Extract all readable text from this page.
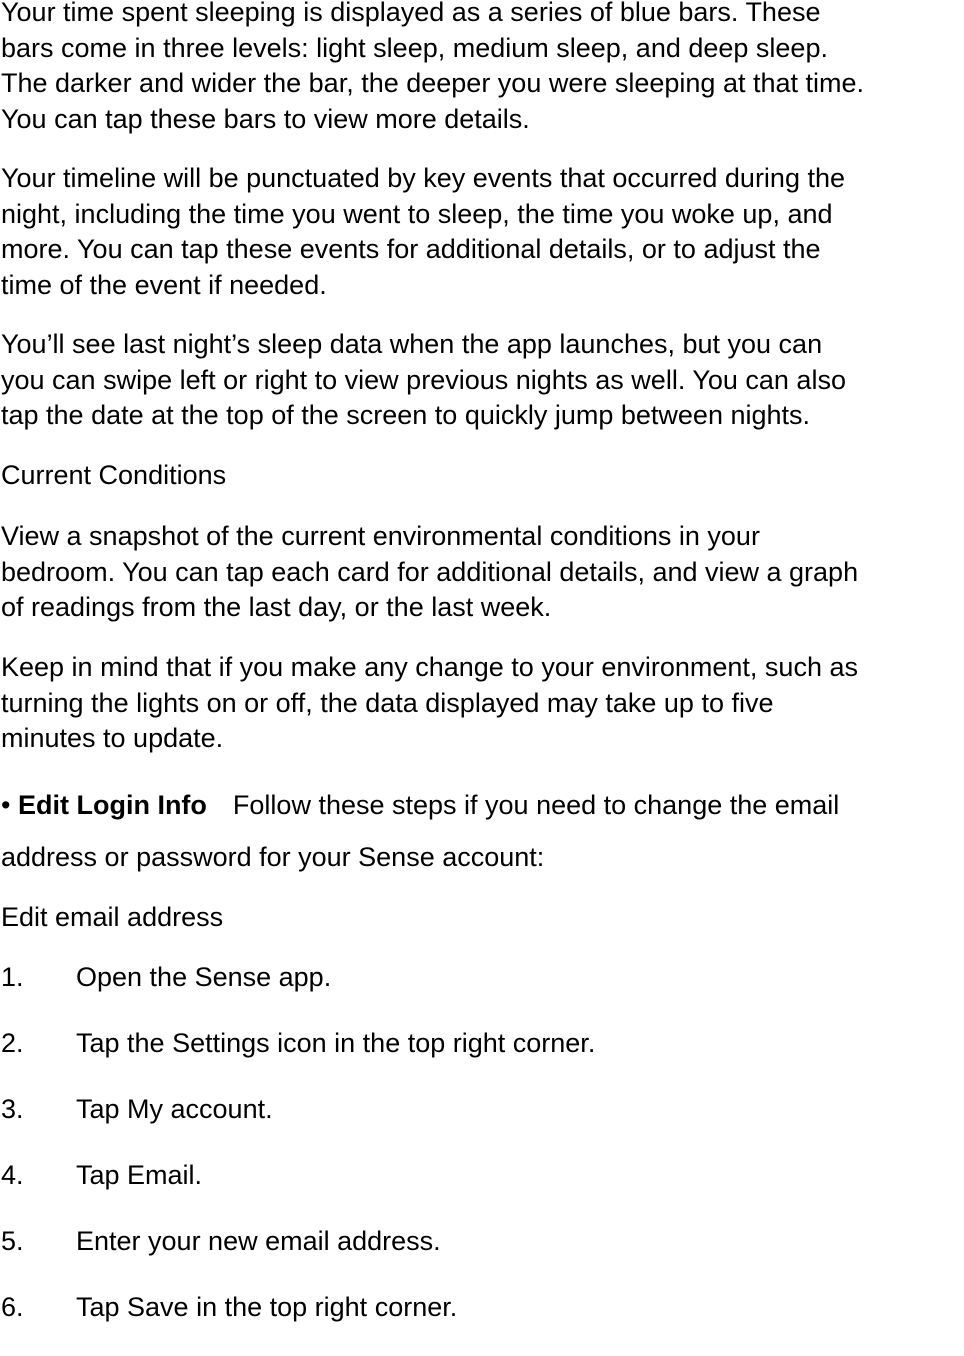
Your time spent sleeping is displayed as a series of blue bars. These
bars come in three levels: light sleep, medium sleep, and deep sleep.
The darker and wider the bar, the deeper you were sleeping at that time.
You can tap these bars to view more details.

Your timeline will be punctuated by key events that occurred during the
night, including the time you went to sleep, the time you woke up, and
more. You can tap these events for additional details, or to adjust the
time of the event if needed.

You’ll see last night’s sleep data when the app launches, but you can
you can swipe left or right to view previous nights as well. You can also
tap the date at the top of the screen to quickly jump between nights.

Current Conditions

View a snapshot of the current environmental conditions in your
bedroom. You can tap each card for additional details, and view a graph
of readings from the last day, or the last week.

Keep in mind that if you make any change to your environment, such as
turning the lights on or off, the data displayed may take up to five
minutes to update.

• Edit Login Info Follow these steps if you need to change the email
address or password for your Sense account:
Edit email address
1. Open the Sense app.
2. Tap the Settings icon in the top right corner.
3. Tap My account.
4. Tap Email.
5. Enter your new email address.
6. Tap Save in the top right corner.
